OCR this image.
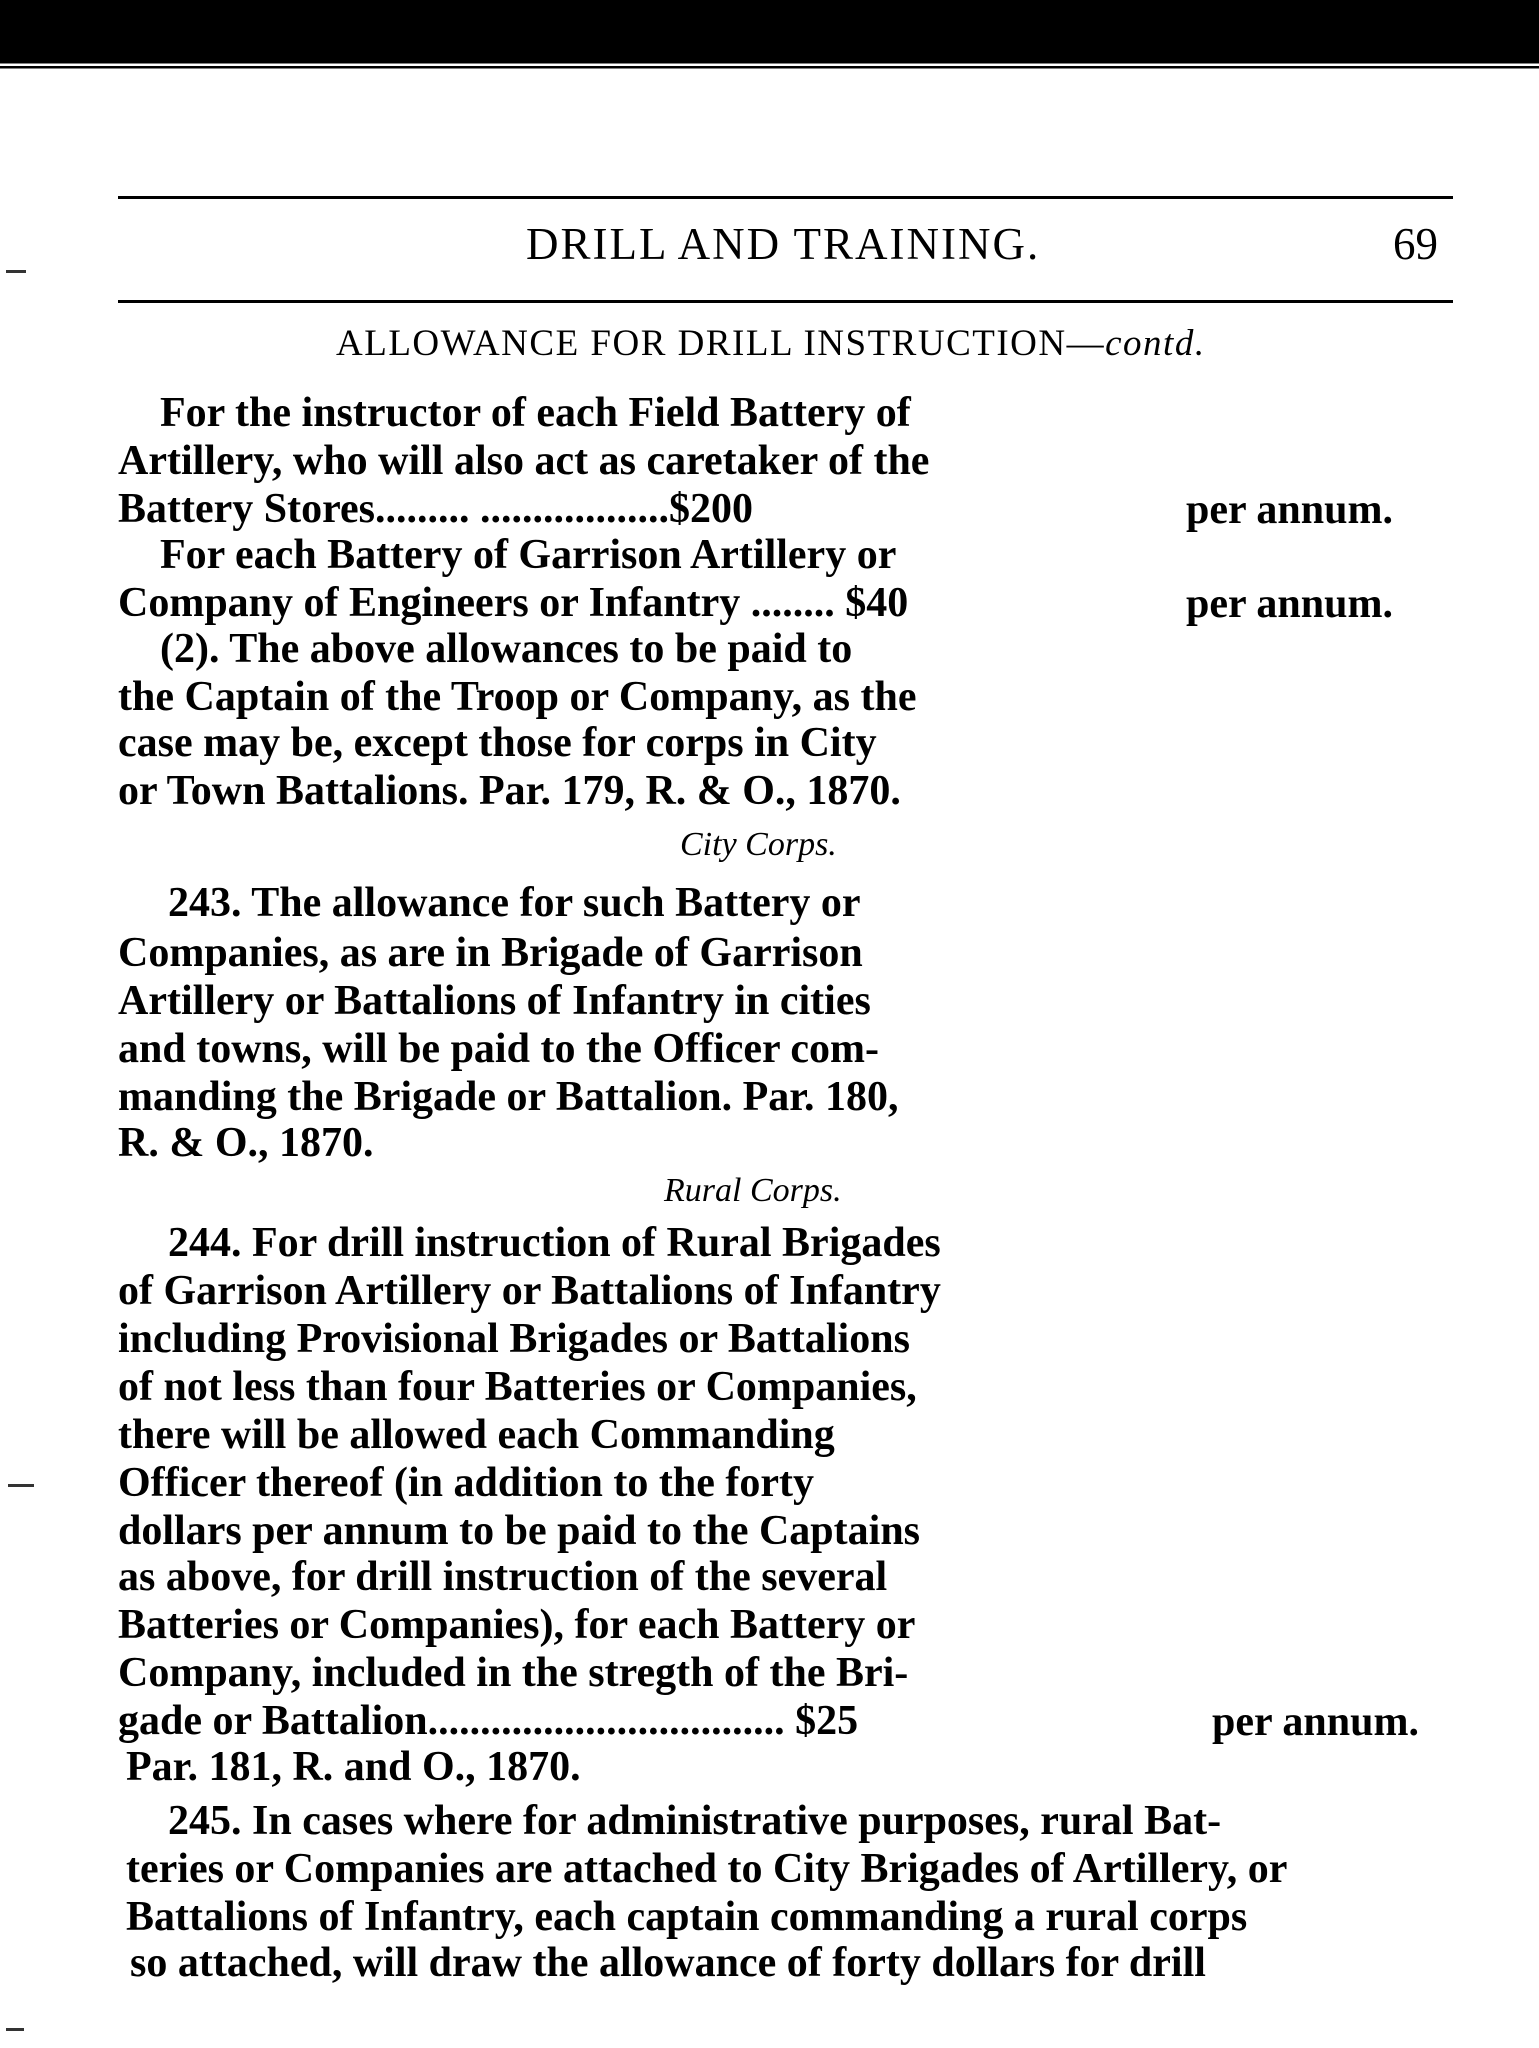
DRILL AND TRAINING.	69
ALLOWANCE FOR DRILL INSTRUCTION—contd.
For the instructor of each Field Battery of
Artillery, who will also act as caretaker of the
Battery Stores......... ..................$200	per annum.
For each Battery of Garrison Artillery or
Company of Engineers or Infantry ........ $40	per annum.
(2). The above allowances to be paid to
the Captain of the Troop or Company, as the
case may be, except those for corps in City
or Town Battalions. Par. 179, R. & O., 1870.
City Corps.
243. The allowance for such Battery or
Companies, as are in Brigade of Garrison
Artillery or Battalions of Infantry in cities
and towns, will be paid to the Officer com-
manding the Brigade or Battalion. Par. 180,
R. & O., 1870.
Rural Corps.
244. For drill instruction of Rural Brigades
of Garrison Artillery or Battalions of Infantry
including Provisional Brigades or Battalions
of not less than four Batteries or Companies,
there will be allowed each Commanding
Officer thereof (in addition to the forty
dollars per annum to be paid to the Captains
as above, for drill instruction of the several
Batteries or Companies), for each Battery or
Company, included in the stregth of the Bri-
gade or Battalion.................................. $25	per annum.
Par. 181, R. and O., 1870.
245. In cases where for administrative purposes, rural Bat-
teries or Companies are attached to City Brigades of Artillery, or
Battalions of Infantry, each captain commanding a rural corps
so attached, will draw the allowance of forty dollars for drill
